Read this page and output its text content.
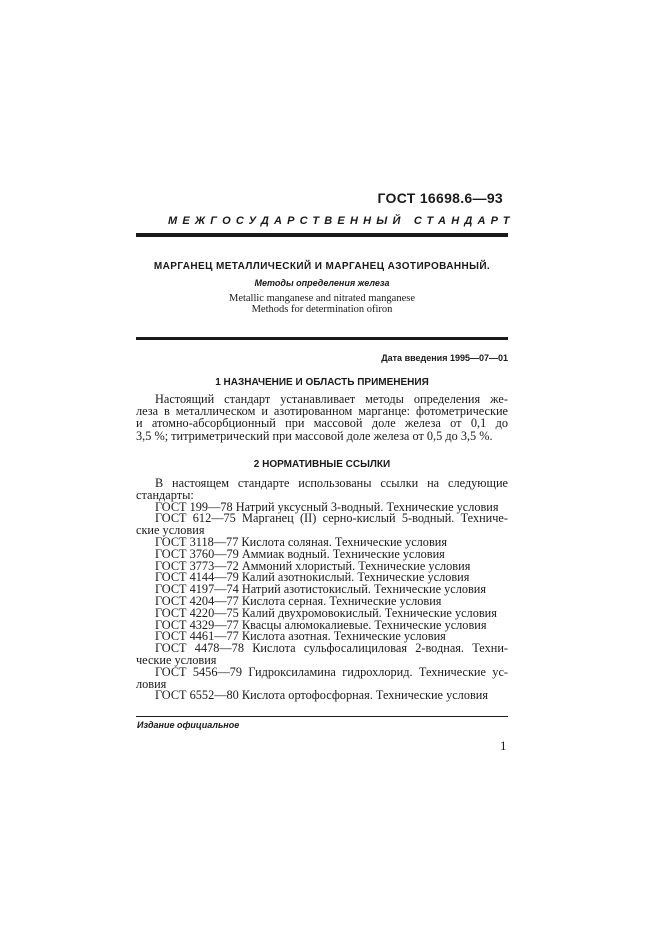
ГОСТ 16698.6—93
МЕЖГОСУДАРСТВЕННЫЙ СТАНДАРТ
МАРГАНЕЦ МЕТАЛЛИЧЕСКИЙ И МАРГАНЕЦ АЗОТИРОВАННЫЙ.
Методы определения железа
Metallic manganese and nitrated manganese
Methods for determination ofiron
Дата введения 1995—07—01
1 НАЗНАЧЕНИЕ И ОБЛАСТЬ ПРИМЕНЕНИЯ
Настоящий стандарт устанавливает методы определения же-
леза в металлическом и азотированном марганце: фотометрические
и атомно-абсорбционный при массовой доле железа от 0,1 до
3,5 %; титриметрический при массовой доле железа от 0,5 до 3,5 %.
2 НОРМАТИВНЫЕ ССЫЛКИ
В настоящем стандарте использованы ссылки на следующие
стандарты:
ГОСТ 199—78 Натрий уксусный 3-водный. Технические условия
ГОСТ 612—75 Марганец (II) серно-кислый 5-водный. Техниче-
ские условия
ГОСТ 3118—77 Кислота соляная. Технические условия
ГОСТ 3760—79 Аммиак водный. Технические условия
ГОСТ 3773—72 Аммоний хлористый. Технические условия
ГОСТ 4144—79 Калий азотнокислый. Технические условия
ГОСТ 4197—74 Натрий азотистокислый. Технические условия
ГОСТ 4204—77 Кислота серная. Технические условия
ГОСТ 4220—75 Калий двухромовокислый. Технические условия
ГОСТ 4329—77 Квасцы алюмокалиевые. Технические условия
ГОСТ 4461—77 Кислота азотная. Технические условия
ГОСТ 4478—78 Кислота сульфосалициловая 2-водная. Техни-
ческие условия
ГОСТ 5456—79 Гидроксиламина гидрохлорид. Технические ус-
ловия
ГОСТ 6552—80 Кислота ортофосфорная. Технические условия
Издание официальное
1
